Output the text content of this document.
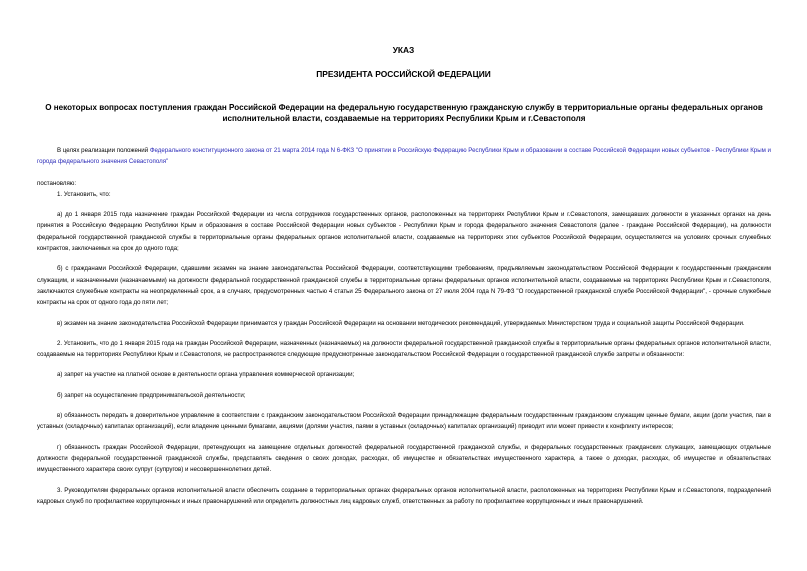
УКАЗ

ПРЕЗИДЕНТА РОССИЙСКОЙ ФЕДЕРАЦИИ

О некоторых вопросах поступления граждан Российской Федерации на федеральную государственную гражданскую службу в территориальные органы федеральных органов исполнительной власти, создаваемые на территориях Республики Крым и г.Севастополя

В целях реализации положений Федерального конституционного закона от 21 марта 2014 года N 6-ФКЗ "О принятии в Российскую Федерацию Республики Крым и образовании в составе Российской Федерации новых субъектов - Республики Крым и города федерального значения Севастополя"

постановляю:

1. Установить, что:

а) до 1 января 2015 года назначение граждан Российской Федерации из числа сотрудников государственных органов, расположенных на территориях Республики Крым и г.Севастополя, замещавших должности в указанных органах на день принятия в Российскую Федерацию Республики Крым и образования в составе Российской Федерации новых субъектов - Республики Крым и города федерального значения Севастополя (далее - граждане Российской Федерации), на должности федеральной государственной гражданской службы в территориальные органы федеральных органов исполнительной власти, создаваемые на территориях этих субъектов Российской Федерации, осуществляется на условиях срочных служебных контрактов, заключаемых на срок до одного года;

б) с гражданами Российской Федерации, сдавшими экзамен на знание законодательства Российской Федерации, соответствующими требованиям, предъявляемым законодательством Российской Федерации к государственным гражданским служащим, и назначенными (назначаемыми) на должности федеральной государственной гражданской службы в территориальные органы федеральных органов исполнительной власти, создаваемые на территориях Республики Крым и г.Севастополя, заключаются служебные контракты на неопределенный срок, а в случаях, предусмотренных частью 4 статьи 25 Федерального закона от 27 июля 2004 года N 79-ФЗ "О государственной гражданской службе Российской Федерации", - срочные служебные контракты на срок от одного года до пяти лет;

в) экзамен на знание законодательства Российской Федерации принимается у граждан Российской Федерации на основании методических рекомендаций, утверждаемых Министерством труда и социальной защиты Российской Федерации.

2. Установить, что до 1 января 2015 года на граждан Российской Федерации, назначенных (назначаемых) на должности федеральной государственной гражданской службы в территориальные органы федеральных органов исполнительной власти, создаваемые на территориях Республики Крым и г.Севастополя, не распространяются следующие предусмотренные законодательством Российской Федерации о государственной гражданской службе запреты и обязанности:

а) запрет на участие на платной основе в деятельности органа управления коммерческой организации;

б) запрет на осуществление предпринимательской деятельности;

в) обязанность передать в доверительное управление в соответствии с гражданским законодательством Российской Федерации принадлежащие федеральным государственным гражданским служащим ценные бумаги, акции (доли участия, паи в уставных (складочных) капиталах организаций), если владение ценными бумагами, акциями (долями участия, паями в уставных (складочных) капиталах организаций) приводит или может привести к конфликту интересов;

г) обязанность граждан Российской Федерации, претендующих на замещение отдельных должностей федеральной государственной гражданской службы, и федеральных государственных гражданских служащих, замещающих отдельные должности федеральной государственной гражданской службы, представлять сведения о своих доходах, расходах, об имуществе и обязательствах имущественного характера, а также о доходах, расходах, об имуществе и обязательствах имущественного характера своих супруг (супругов) и несовершеннолетних детей.

3. Руководителям федеральных органов исполнительной власти обеспечить создание в территориальных органах федеральных органов исполнительной власти, расположенных на территориях Республики Крым и г.Севастополя, подразделений кадровых служб по профилактике коррупционных и иных правонарушений или определить должностных лиц кадровых служб, ответственных за работу по профилактике коррупционных и иных правонарушений.
